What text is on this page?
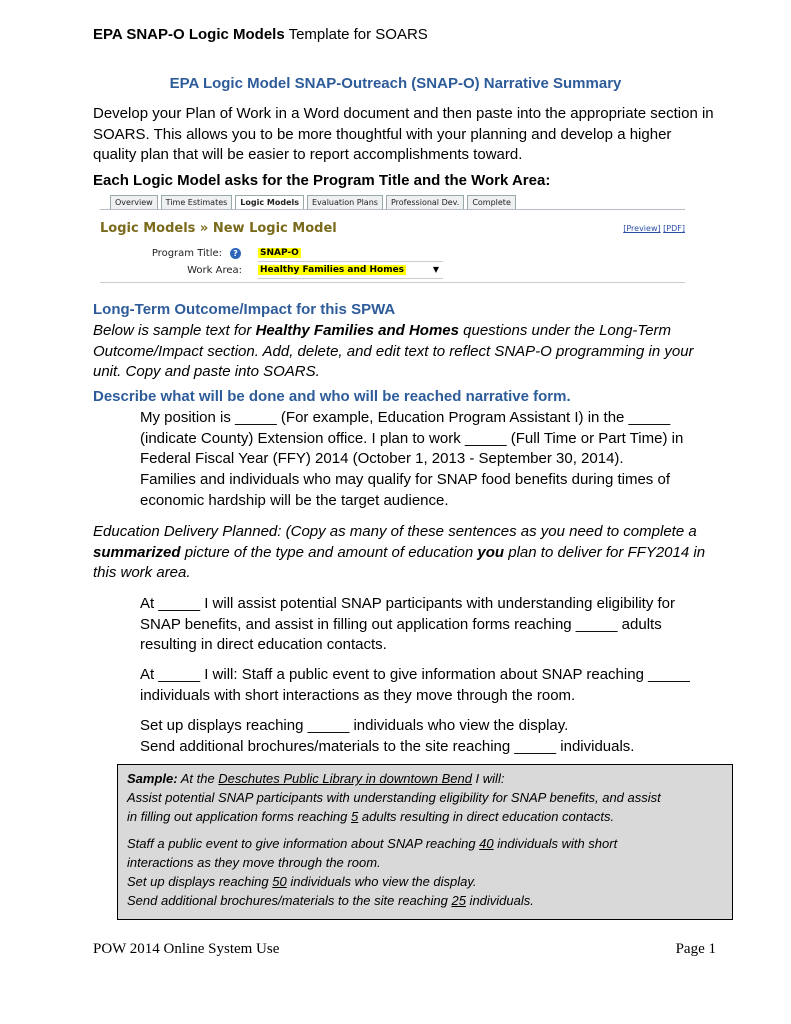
EPA SNAP-O Logic Models Template for SOARS
EPA Logic Model SNAP-Outreach (SNAP-O) Narrative Summary
Develop your Plan of Work in a Word document and then paste into the appropriate section in SOARS. This allows you to be more thoughtful with your planning and develop a higher quality plan that will be easier to report accomplishments toward.
Each Logic Model asks for the Program Title and the Work Area:
Overview	Time Estimates	Logic Models	Evaluation Plans	Professional Dev.	Complete
Logic Models » New Logic Model	[Preview] [PDF]
Program Title:	?	SNAP-O
Work Area: Healthy Families and Homes	▼
Long-Term Outcome/Impact for this SPWA
Below is sample text for Healthy Families and Homes questions under the Long-Term Outcome/Impact section. Add, delete, and edit text to reflect SNAP-O programming in your unit. Copy and paste into SOARS.
Describe what will be done and who will be reached narrative form.
My position is _____ (For example, Education Program Assistant I) in the _____ (indicate County) Extension office. I plan to work _____ (Full Time or Part Time) in Federal Fiscal Year (FFY) 2014 (October 1, 2013 - September 30, 2014).
Families and individuals who may qualify for SNAP food benefits during times of economic hardship will be the target audience.
Education Delivery Planned: (Copy as many of these sentences as you need to complete a summarized picture of the type and amount of education you plan to deliver for FFY2014 in this work area.
At _____ I will assist potential SNAP participants with understanding eligibility for SNAP benefits, and assist in filling out application forms reaching _____ adults resulting in direct education contacts.
At _____ I will: Staff a public event to give information about SNAP reaching _____ individuals with short interactions as they move through the room.
Set up displays reaching _____ individuals who view the display.
Send additional brochures/materials to the site reaching _____ individuals.
Sample: At the Deschutes Public Library in downtown Bend I will:
Assist potential SNAP participants with understanding eligibility for SNAP benefits, and assist
in filling out application forms reaching 5 adults resulting in direct education contacts.
Staff a public event to give information about SNAP reaching 40 individuals with short
interactions as they move through the room.
Set up displays reaching 50 individuals who view the display.
Send additional brochures/materials to the site reaching 25 individuals.
POW 2014 Online System Use	Page 1
